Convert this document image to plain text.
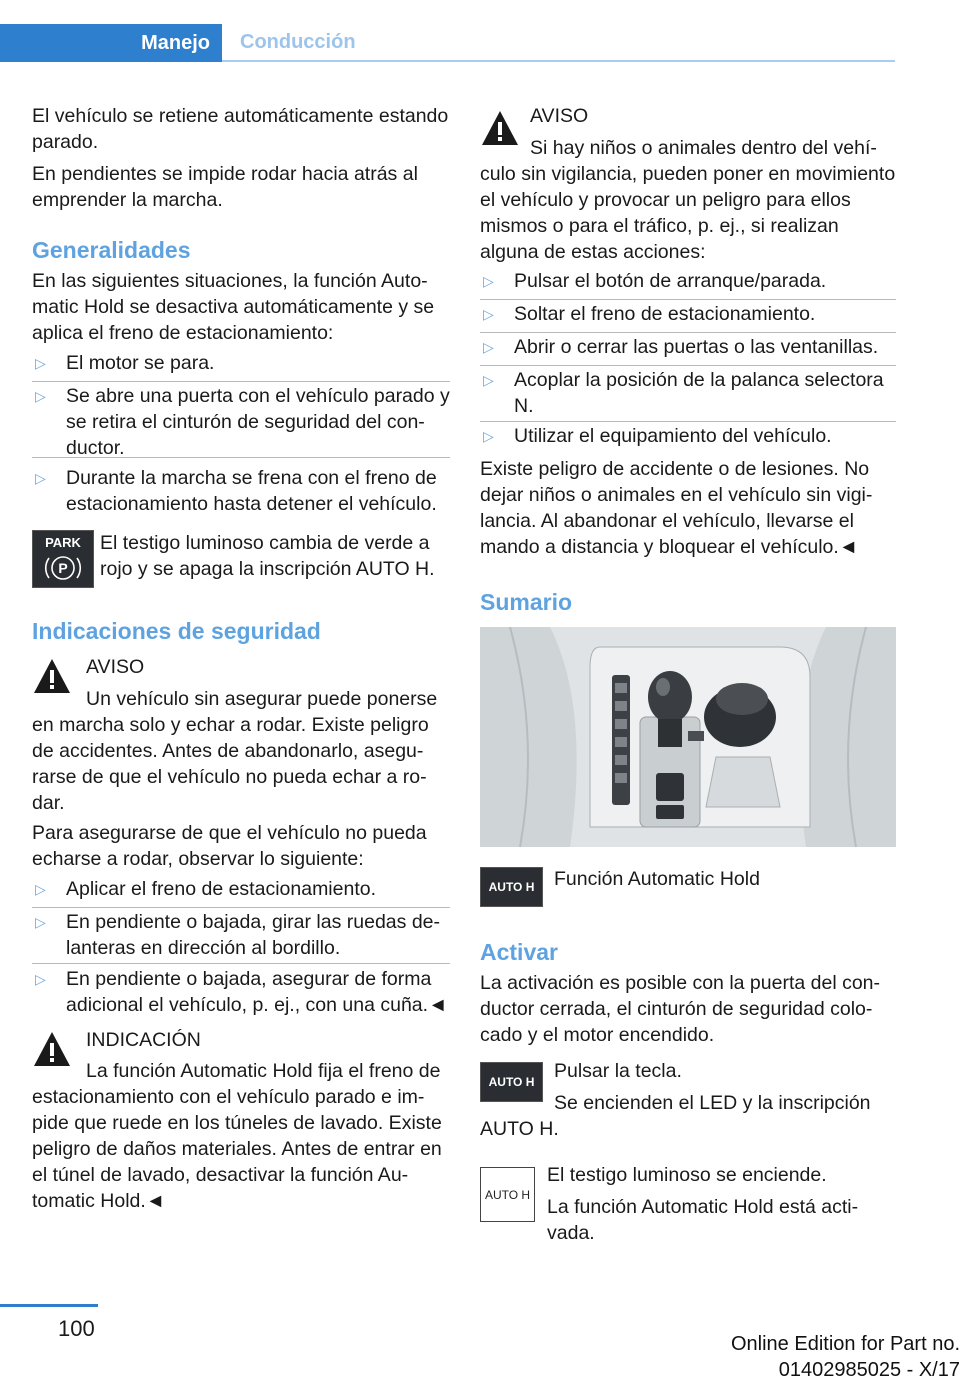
Manejo	Conducción

El vehículo se retiene automáticamente estando parado.

En pendientes se impide rodar hacia atrás al emprender la marcha.

Generalidades

En las siguientes situaciones, la función Automatic Hold se desactiva automáticamente y se aplica el freno de estacionamiento:

▷ El motor se para.
▷ Se abre una puerta con el vehículo parado y se retira el cinturón de seguridad del conductor.
▷ Durante la marcha se frena con el freno de estacionamiento hasta detener el vehículo.
PARK
P

El testigo luminoso cambia de verde a rojo y se apaga la inscripción AUTO H.

Indicaciones de seguridad
AVISO
Un vehículo sin asegurar puede ponerse en marcha solo y echar a rodar. Existe peligro de accidentes. Antes de abandonarlo, asegurarse de que el vehículo no pueda echar a rodar.

Para asegurarse de que el vehículo no pueda echarse a rodar, observar lo siguiente:

▷ Aplicar el freno de estacionamiento.
▷ En pendiente o bajada, girar las ruedas delanteras en dirección al bordillo.
▷ En pendiente o bajada, asegurar de forma adicional el vehículo, p. ej., con una cuña.◄
INDICACIÓN
La función Automatic Hold fija el freno de estacionamiento con el vehículo parado e impide que ruede en los túneles de lavado. Existe peligro de daños materiales. Antes de entrar en el túnel de lavado, desactivar la función Automatic Hold.◄
AVISO
Si hay niños o animales dentro del vehículo sin vigilancia, pueden poner en movimiento el vehículo y provocar un peligro para ellos mismos o para el tráfico, p. ej., si realizan alguna de estas acciones:
▷ Pulsar el botón de arranque/parada.
▷ Soltar el freno de estacionamiento.
▷ Abrir o cerrar las puertas o las ventanillas.
▷ Acoplar la posición de la palanca selectora N.
▷ Utilizar el equipamiento del vehículo.

Existe peligro de accidente o de lesiones. No dejar niños o animales en el vehículo sin vigilancia. Al abandonar el vehículo, llevarse el mando a distancia y bloquear el vehículo.◄

Sumario
AUTO H Función Automatic Hold
Activar

La activación es posible con la puerta del conductor cerrada, el cinturón de seguridad colocado y el motor encendido.

AUTO H Pulsar la tecla.
Se encienden el LED y la inscripción AUTO H.
AUTO H
El testigo luminoso se enciende.
La función Automatic Hold está activada.
100
Online Edition for Part no. 01402985025 - X/17
